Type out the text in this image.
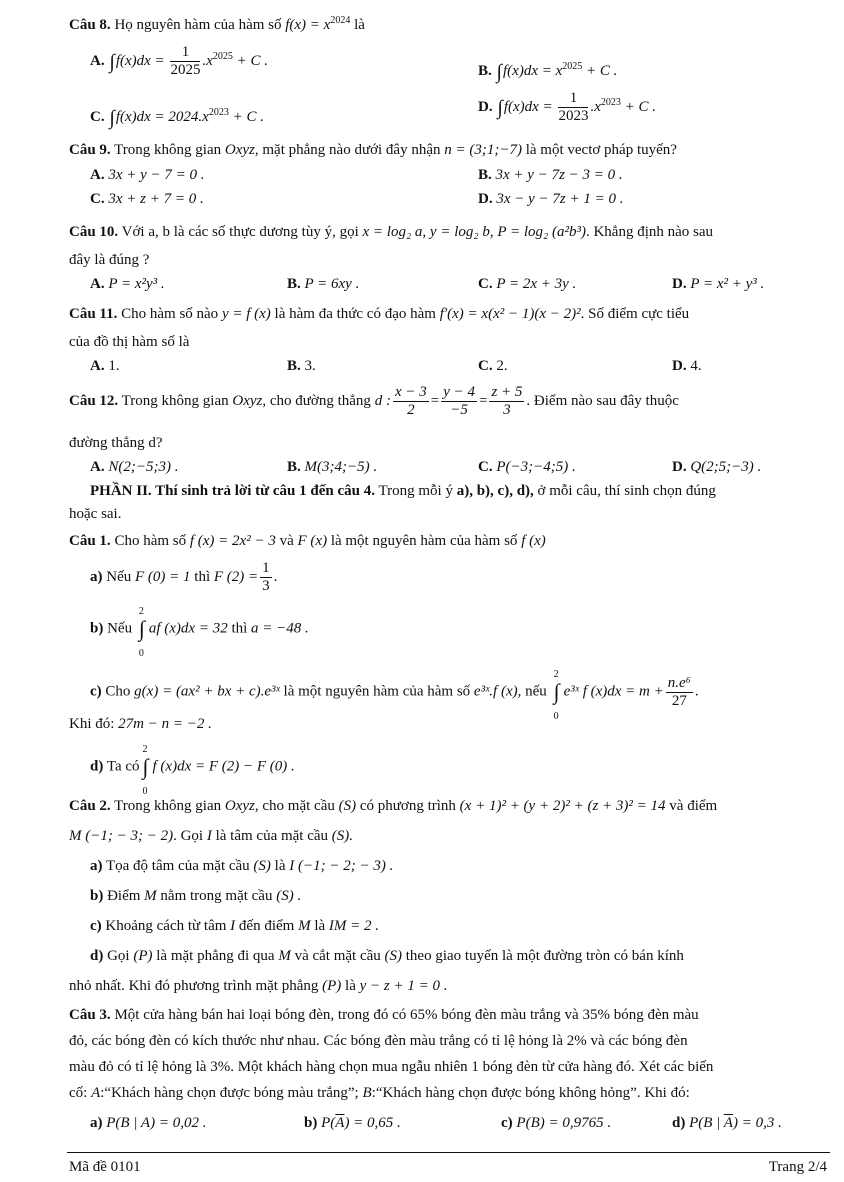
Câu 8. Họ nguyên hàm của hàm số $f(x) = x^{2024}$ là
A. $\int f(x)dx = \frac{1}{2025} .x^{2025} + C$ .
B. $\int f(x)dx = x^{2025} + C$ .
C. $\int f(x)dx = 2024.x^{2023} + C$ .
D. $\int f(x)dx = \frac{1}{2023} .x^{2023} + C$ .
Câu 9. Trong không gian Oxyz, mặt phẳng nào dưới đây nhận n = (3;1;−7) là một vectơ pháp tuyến?
A. 3x + y − 7 = 0 .	B. 3x + y − 7z − 3 = 0 .
C. 3x + z + 7 = 0 .	D. 3x − y − 7z + 1 = 0 .
Câu 10. Với a, b là các số thực dương tùy ý, gọi x = log₂ a, y = log₂ b, P = log₂ (a²b³). Khẳng định nào sau
đây là đúng ?
A. P = x²y³ .	B. P = 6xy .	C. P = 2x + 3y .	D. P = x² + y³ .
Câu 11. Cho hàm số nào y = f (x) là hàm đa thức có đạo hàm f′(x) = x(x² − 1)(x − 2)². Số điểm cực tiểu
của đồ thị hàm số là
A. 1.	B. 3.	C. 2.	D. 4.
Câu 12. Trong không gian Oxyz, cho đường thẳng d : $\frac{x - 3}{2} = \frac{y - 4}{-5} = \frac{z + 5}{3}$ . Điểm nào sau đây thuộc
đường thẳng d?
A. N(2;−5;3) .	B. M(3;4;−5) .	C. P(−3;−4;5) .	D. Q(2;5;−3) .
PHẦN II. Thí sinh trả lời từ câu 1 đến câu 4. Trong mỗi ý a), b), c), d), ở mỗi câu, thí sinh chọn đúng
hoặc sai.
Câu 1. Cho hàm số f (x) = 2x² − 3 và F (x) là một nguyên hàm của hàm số f (x)
a) Nếu F (0) = 1 thì F $(2) = \frac{1}{3}$ .
b) Nếu ∫
2
0
af (x)dx = 32 thì a = −48 .
c) Cho g(x) = (ax² + bx + c).e³ˣ là một nguyên hàm của hàm số e³ˣ.f (x), nếu ∫
2
0
e³ˣ f $(x)dx = m + \frac{\text{n.e⁶}}{27}$ .
Khi đó: 27m − n = −2 .
d) Ta có ∫
2
0
f (x)dx = F (2) − F (0) .
Câu 2. Trong không gian Oxyz, cho mặt cầu (S) có phương trình (x + 1)² + (y + 2)² + (z + 3)² = 14 và điểm
M (−1; − 3; − 2). Gọi I là tâm của mặt cầu (S).
a) Tọa độ tâm của mặt cầu (S) là I (−1; − 2; − 3) .
b) Điểm M nằm trong mặt cầu (S) .
c) Khoảng cách từ tâm I đến điểm M là IM = 2 .
d) Gọi (P) là mặt phẳng đi qua M và cắt mặt cầu (S) theo giao tuyến là một đường tròn có bán kính
nhỏ nhất. Khi đó phương trình mặt phẳng (P) là y − z + 1 = 0 .
Câu 3. Một cửa hàng bán hai loại bóng đèn, trong đó có 65% bóng đèn màu trắng và 35% bóng đèn màu
đỏ, các bóng đèn có kích thước như nhau. Các bóng đèn màu trắng có tỉ lệ hỏng là 2% và các bóng đèn
màu đỏ có tỉ lệ hỏng là 3%. Một khách hàng chọn mua ngẫu nhiên 1 bóng đèn từ cửa hàng đó. Xét các biến
cố: A:“Khách hàng chọn được bóng màu trắng”; B:“Khách hàng chọn được bóng không hỏng”. Khi đó:
a) P(B | A) = 0,02 .	b) $P(\overline{A}) = 0,65$ .	c) P(B) = 0,9765 .	d) P(B | $\overline{A}) = 0,3$ .
Mã đề 0101	Trang 2/4
